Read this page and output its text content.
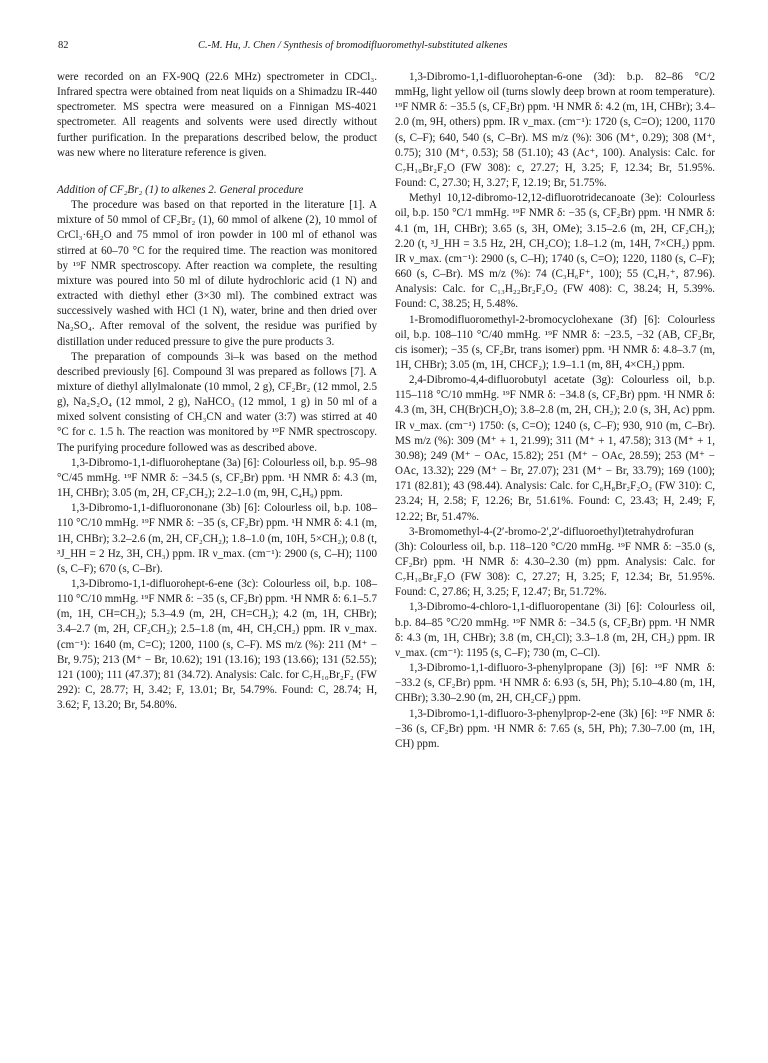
82	C.-M. Hu, J. Chen / Synthesis of bromodifluoromethyl-substituted alkenes

were recorded on an FX-90Q (22.6 MHz) spectrometer in CDCl₃. Infrared spectra were obtained from neat liquids on a Shimadzu IR-440 spectrometer. MS spectra were measured on a Finnigan MS-4021 spectrometer. All reagents and solvents were used directly without further purification. In the preparations described below, the product was new where no literature reference is given.

Addition of CF₂Br₂ (1) to alkenes 2. General procedure

The procedure was based on that reported in the literature [1]. A mixture of 50 mmol of CF₂Br₂ (1), 60 mmol of alkene (2), 10 mmol of CrCl₃·6H₂O and 75 mmol of iron powder in 100 ml of ethanol was stirred at 60–70 °C for the required time. The reaction was monitored by ¹⁹F NMR spectroscopy. After reaction wa complete, the resulting mixture was poured into 50 ml of dilute hydrochloric acid (1 N) and extracted with diethyl ether (3×30 ml). The combined extract was successively washed with HCl (1 N), water, brine and then dried over Na₂SO₄. After removal of the solvent, the residue was purified by distillation under reduced pressure to give the pure products 3.

The preparation of compounds 3i–k was based on the method described previously [6]. Compound 3l was prepared as follows [7]. A mixture of diethyl allylmalonate (10 mmol, 2 g), CF₂Br₂ (12 mmol, 2.5 g), Na₂S₂O₄ (12 mmol, 2 g), NaHCO₃ (12 mmol, 1 g) in 50 ml of a mixed solvent consisting of CH₃CN and water (3:7) was stirred at 40 °C for c. 1.5 h. The reaction was monitored by ¹⁹F NMR spectroscopy. The purifying procedure followed was as described above.

1,3-Dibromo-1,1-difluoroheptane (3a) [6]: Colourless oil, b.p. 95–98 °C/45 mmHg. ¹⁹F NMR δ: −34.5 (s, CF₂Br) ppm. ¹H NMR δ: 4.3 (m, 1H, CHBr); 3.05 (m, 2H, CF₂CH₂); 2.2–1.0 (m, 9H, C₄H₉) ppm.

1,3-Dibromo-1,1-difluorononane (3b) [6]: Colourless oil, b.p. 108–110 °C/10 mmHg. ¹⁹F NMR δ: −35 (s, CF₂Br) ppm. ¹H NMR δ: 4.1 (m, 1H, CHBr); 3.2–2.6 (m, 2H, CF₂CH₂); 1.8–1.0 (m, 10H, 5×CH₂); 0.8 (t, ³J_HH = 2 Hz, 3H, CH₃) ppm. IR ν_max. (cm⁻¹): 2900 (s, C–H); 1100 (s, C–F); 670 (s, C–Br).

1,3-Dibromo-1,1-difluorohept-6-ene (3c): Colourless oil, b.p. 108–110 °C/10 mmHg. ¹⁹F NMR δ: −35 (s, CF₂Br) ppm. ¹H NMR δ: 6.1–5.7 (m, 1H, CH=CH₂); 5.3–4.9 (m, 2H, CH=CH₂); 4.2 (m, 1H, CHBr); 3.4–2.7 (m, 2H, CF₂CH₂); 2.5–1.8 (m, 4H, CH₂CH₂) ppm. IR ν_max. (cm⁻¹): 1640 (m, C=C); 1200, 1100 (s, C–F). MS m/z (%): 211 (M⁺ − Br, 9.75); 213 (M⁺ − Br, 10.62); 191 (13.16); 193 (13.66); 131 (52.55); 121 (100); 111 (47.37); 81 (34.72). Analysis: Calc. for C₇H₁₀Br₂F₂ (FW 292): C, 28.77; H, 3.42; F, 13.01; Br, 54.79%. Found: C, 28.74; H, 3.62; F, 13.20; Br, 54.80%.

1,3-Dibromo-1,1-difluoroheptan-6-one (3d): b.p. 82–86 °C/2 mmHg, light yellow oil (turns slowly deep brown at room temperature). ¹⁹F NMR δ: −35.5 (s, CF₂Br) ppm. ¹H NMR δ: 4.2 (m, 1H, CHBr); 3.4–2.0 (m, 9H, others) ppm. IR ν_max. (cm⁻¹): 1720 (s, C=O); 1200, 1170 (s, C–F); 640, 540 (s, C–Br). MS m/z (%): 306 (M⁺, 0.29); 308 (M⁺, 0.75); 310 (M⁺, 0.53); 58 (51.10); 43 (Ac⁺, 100). Analysis: Calc. for C₇H₁₀Br₂F₂O (FW 308): c, 27.27; H, 3.25; F, 12.34; Br, 51.95%. Found: C, 27.30; H, 3.27; F, 12.19; Br, 51.75%.

Methyl 10,12-dibromo-12,12-difluorotridecanoate (3e): Colourless oil, b.p. 150 °C/1 mmHg. ¹⁹F NMR δ: −35 (s, CF₂Br) ppm. ¹H NMR δ: 4.1 (m, 1H, CHBr); 3.65 (s, 3H, OMe); 3.15–2.6 (m, 2H, CF₂CH₂); 2.20 (t, ³J_HH = 3.5 Hz, 2H, CH₂CO); 1.8–1.2 (m, 14H, 7×CH₂) ppm. IR ν_max. (cm⁻¹): 2900 (s, C–H); 1740 (s, C=O); 1220, 1180 (s, C–F); 660 (s, C–Br). MS m/z (%): 74 (C₃H₆F⁺, 100); 55 (C₄H₇⁺, 87.96). Analysis: Calc. for C₁₃H₂₂Br₂F₂O₂ (FW 408): C, 38.24; H, 5.39%. Found: C, 38.25; H, 5.48%.

1-Bromodifluoromethyl-2-bromocyclohexane (3f) [6]: Colourless oil, b.p. 108–110 °C/40 mmHg. ¹⁹F NMR δ: −23.5, −32 (AB, CF₂Br, cis isomer); −35 (s, CF₂Br, trans isomer) ppm. ¹H NMR δ: 4.8–3.7 (m, 1H, CHBr); 3.05 (m, 1H, CHCF₂); 1.9–1.1 (m, 8H, 4×CH₂) ppm.

2,4-Dibromo-4,4-difluorobutyl acetate (3g): Colourless oil, b.p. 115–118 °C/10 mmHg. ¹⁹F NMR δ: −34.8 (s, CF₂Br) ppm. ¹H NMR δ: 4.3 (m, 3H, CH(Br)CH₂O); 3.8–2.8 (m, 2H, CH₂); 2.0 (s, 3H, Ac) ppm. IR ν_max. (cm⁻¹) 1750: (s, C=O); 1240 (s, C–F); 930, 910 (m, C–Br). MS m/z (%): 309 (M⁺ + 1, 21.99); 311 (M⁺ + 1, 47.58); 313 (M⁺ + 1, 30.98); 249 (M⁺ − OAc, 15.82); 251 (M⁺ − OAc, 28.59); 253 (M⁺ − OAc, 13.32); 229 (M⁺ − Br, 27.07); 231 (M⁺ − Br, 33.79); 169 (100); 171 (82.81); 43 (98.44). Analysis: Calc. for C₆H₈Br₂F₂O₂ (FW 310): C, 23.24; H, 2.58; F, 12.26; Br, 51.61%. Found: C, 23.43; H, 2.49; F, 12.22; Br, 51.47%.

3-Bromomethyl-4-(2′-bromo-2′,2′-difluoroethyl)tetrahydrofuran (3h): Colourless oil, b.p. 118–120 °C/20 mmHg. ¹⁹F NMR δ: −35.0 (s, CF₂Br) ppm. ¹H NMR δ: 4.30–2.30 (m) ppm. Analysis: Calc. for C₇H₁₀Br₂F₂O (FW 308): C, 27.27; H, 3.25; F, 12.34; Br, 51.95%. Found: C, 27.86; H, 3.25; F, 12.47; Br, 51.72%.

1,3-Dibromo-4-chloro-1,1-difluoropentane (3i) [6]: Colourless oil, b.p. 84–85 °C/20 mmHg. ¹⁹F NMR δ: −34.5 (s, CF₂Br) ppm. ¹H NMR δ: 4.3 (m, 1H, CHBr); 3.8 (m, CH₂Cl); 3.3–1.8 (m, 2H, CH₂) ppm. IR ν_max. (cm⁻¹): 1195 (s, C–F); 730 (m, C–Cl).

1,3-Dibromo-1,1-difluoro-3-phenylpropane (3j) [6]: ¹⁹F NMR δ: −33.2 (s, CF₂Br) ppm. ¹H NMR δ: 6.93 (s, 5H, Ph); 5.10–4.80 (m, 1H, CHBr); 3.30–2.90 (m, 2H, CH₂CF₂) ppm.

1,3-Dibromo-1,1-difluoro-3-phenylprop-2-ene (3k) [6]: ¹⁹F NMR δ: −36 (s, CF₂Br) ppm. ¹H NMR δ: 7.65 (s, 5H, Ph); 7.30–7.00 (m, 1H, CH) ppm.
